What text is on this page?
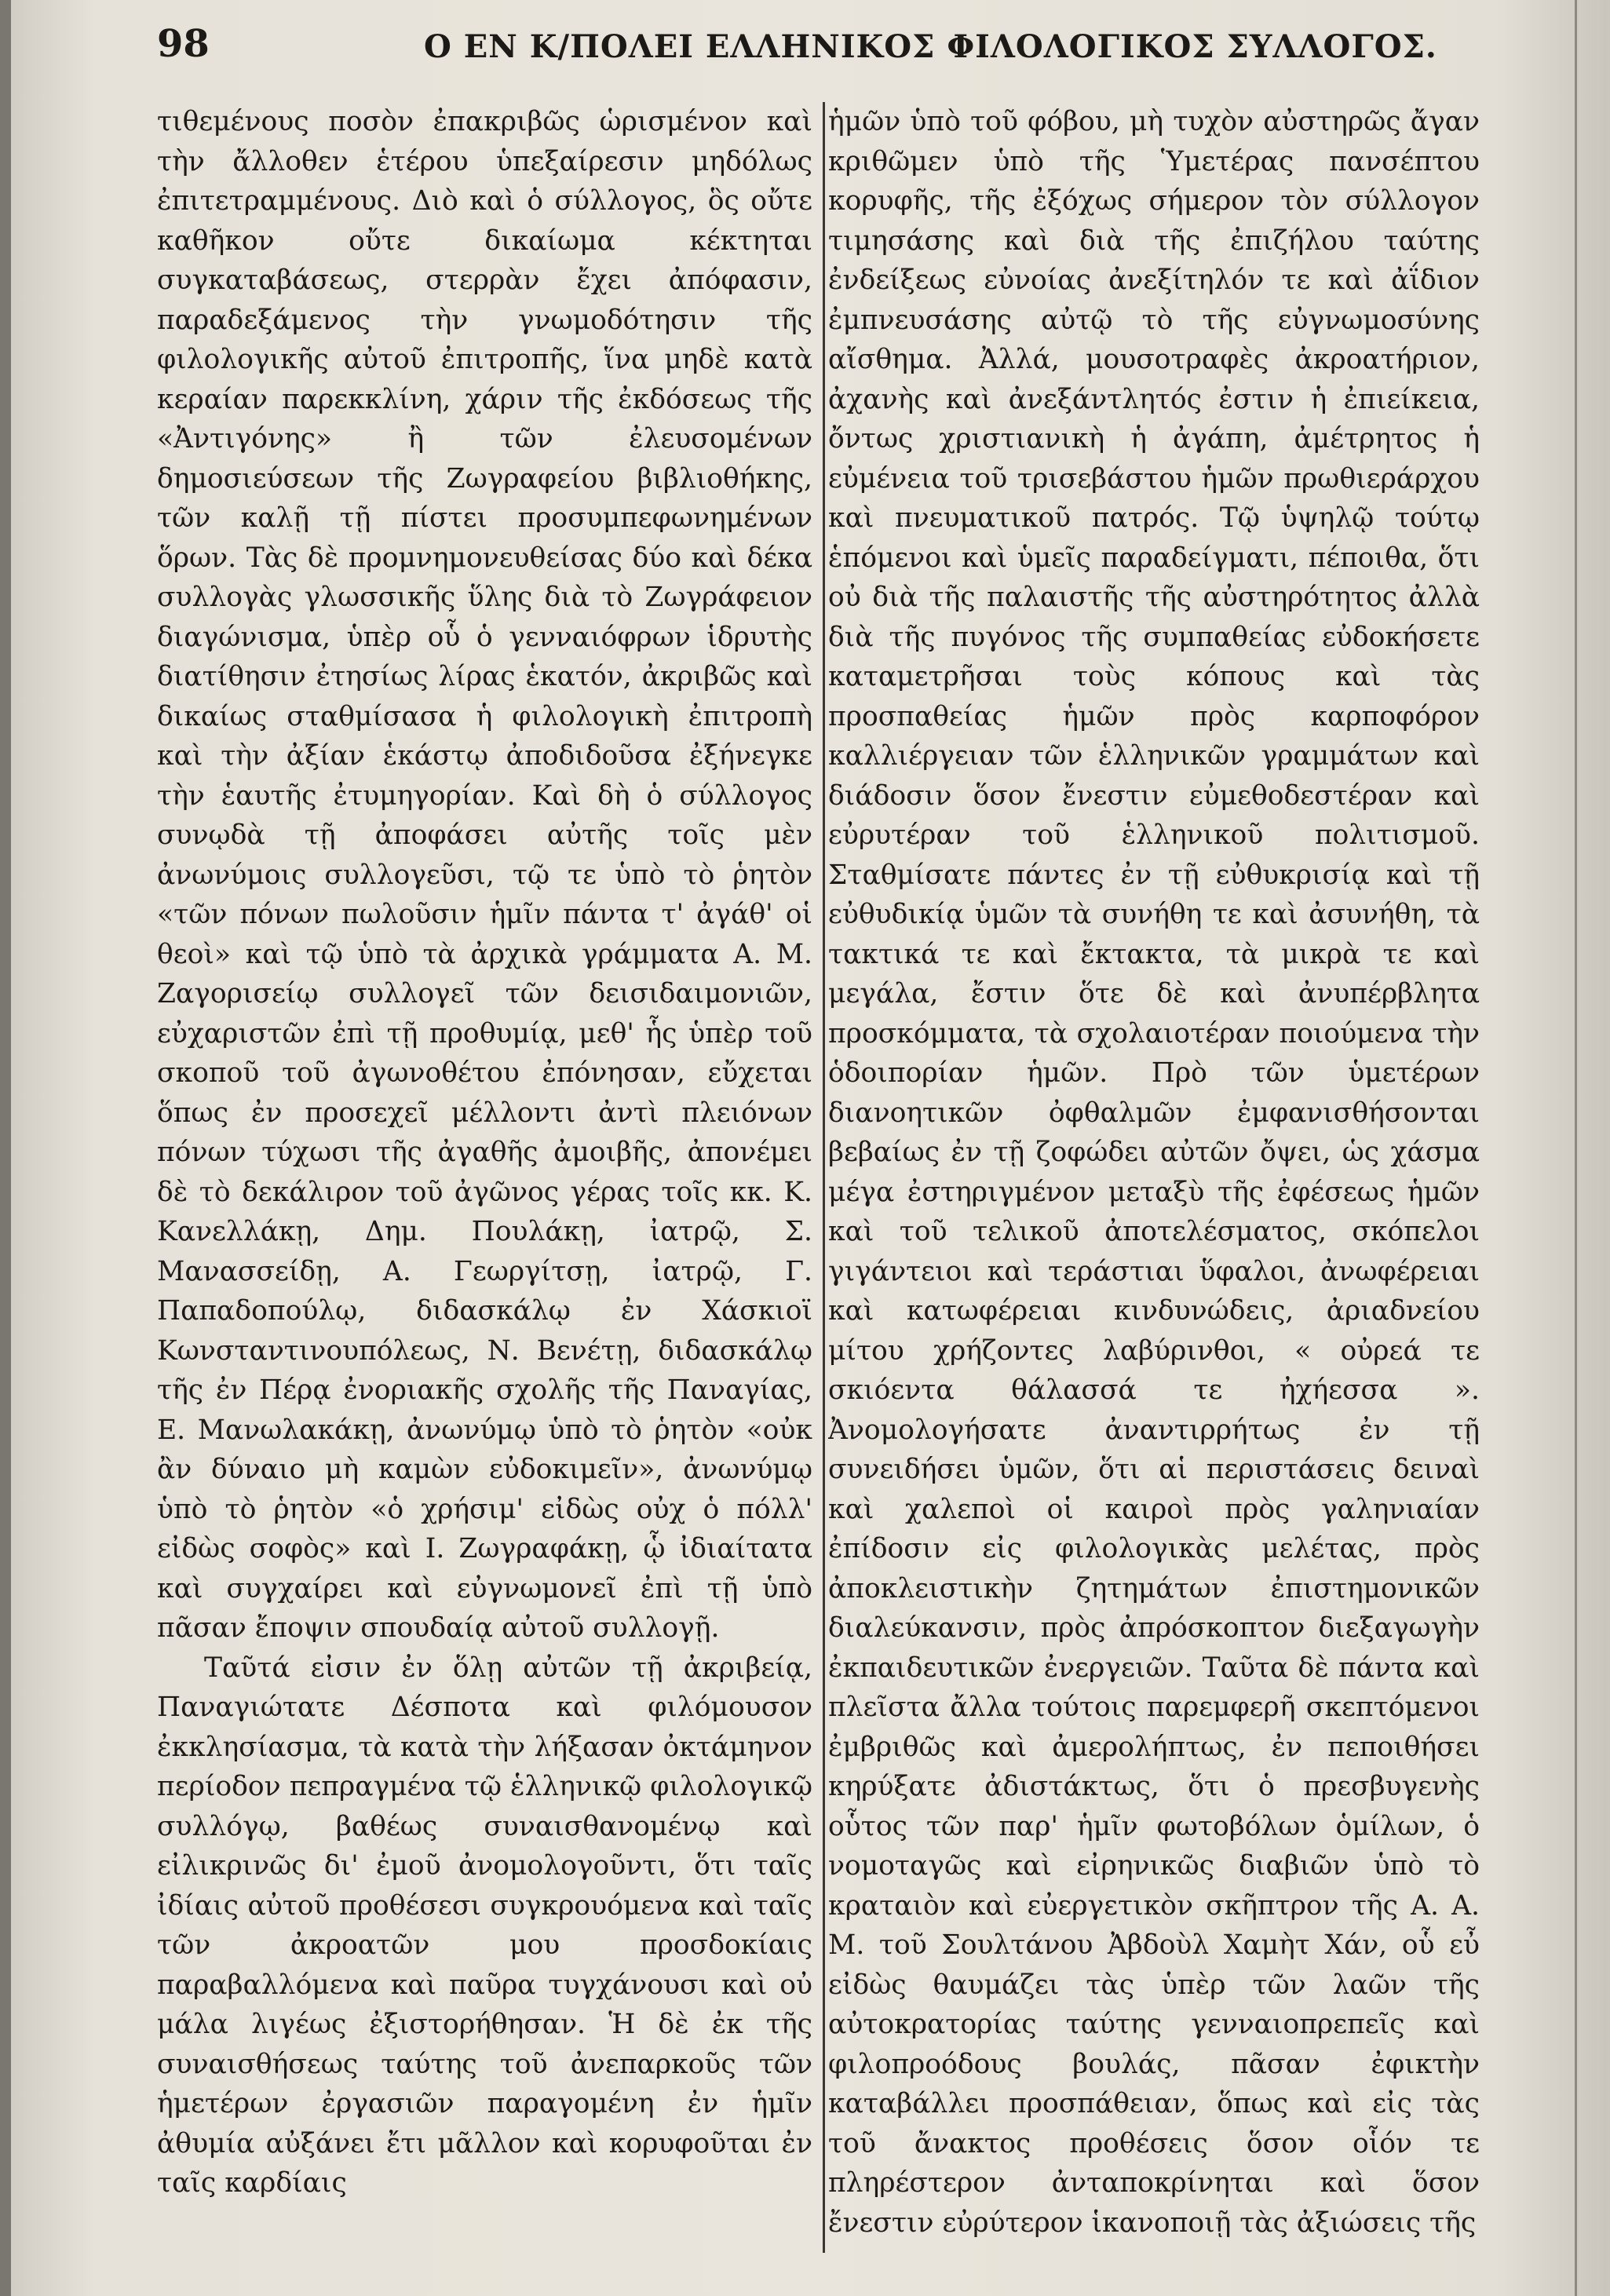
98	Ο ΕΝ Κ/ΠΟΛΕΙ ΕΛΛΗΝΙΚΟΣ ΦΙΛΟΛΟΓΙΚΟΣ ΣΥΛΛΟΓΟΣ.

τιθεμένους ποσὸν ἐπακριβῶς ὡρισμένον καὶ τὴν ἄλλοθεν ἑτέρου ὑπεξαίρεσιν μηδόλως ἐπιτετραμμένους. Διὸ καὶ ὁ σύλλογος, ὃς οὔτε καθῆκον οὔτε δικαίωμα κέκτηται συγκαταβάσεως, στερρὰν ἔχει ἀπόφασιν, παραδεξάμενος τὴν γνωμοδότησιν τῆς φιλολογικῆς αὐτοῦ ἐπιτροπῆς, ἵνα μηδὲ κατὰ κεραίαν παρεκκλίνη, χάριν τῆς ἐκδόσεως τῆς «Ἀντιγόνης» ἢ τῶν ἐλευσομένων δημοσιεύσεων τῆς Ζωγραφείου βιβλιοθήκης, τῶν καλῇ τῇ πίστει προσυμπεφωνημένων ὅρων. Τὰς δὲ προμνημονευθείσας δύο καὶ δέκα συλλογὰς γλωσσικῆς ὕλης διὰ τὸ Ζωγράφειον διαγώνισμα, ὑπὲρ οὗ ὁ γενναιόφρων ἱδρυτὴς διατίθησιν ἐτησίως λίρας ἑκατόν, ἀκριβῶς καὶ δικαίως σταθμίσασα ἡ φιλολογικὴ ἐπιτροπὴ καὶ τὴν ἀξίαν ἑκάστῳ ἀποδιδοῦσα ἐξήνεγκε τὴν ἑαυτῆς ἐτυμηγορίαν. Καὶ δὴ ὁ σύλλογος συνῳδὰ τῇ ἀποφάσει αὐτῆς τοῖς μὲν ἀνωνύμοις συλλογεῦσι, τῷ τε ὑπὸ τὸ ῥητὸν «τῶν πόνων πωλοῦσιν ἡμῖν πάντα τ' ἀγάθ' οἱ θεοὶ» καὶ τῷ ὑπὸ τὰ ἀρχικὰ γράμματα Α. Μ. Ζαγορισείῳ συλλογεῖ τῶν δεισιδαιμονιῶν, εὐχαριστῶν ἐπὶ τῇ προθυμίᾳ, μεθ' ἧς ὑπὲρ τοῦ σκοποῦ τοῦ ἀγωνοθέτου ἐπόνησαν, εὔχεται ὅπως ἐν προσεχεῖ μέλλοντι ἀντὶ πλειόνων πόνων τύχωσι τῆς ἀγαθῆς ἀμοιβῆς, ἀπονέμει δὲ τὸ δεκάλιρον τοῦ ἀγῶνος γέρας τοῖς κκ. Κ. Κανελλάκῃ, Δημ. Πουλάκῃ, ἰατρῷ, Σ. Μανασσείδῃ, Α. Γεωργίτσῃ, ἰατρῷ, Γ. Παπαδοπούλῳ, διδασκάλῳ ἐν Χάσκιοϊ Κωνσταντινουπόλεως, Ν. Βενέτῃ, διδασκάλῳ τῆς ἐν Πέρᾳ ἐνοριακῆς σχολῆς τῆς Παναγίας, Ε. Μανωλακάκῃ, ἀνωνύμῳ ὑπὸ τὸ ῥητὸν «οὐκ ἂν δύναιο μὴ καμὼν εὐδοκιμεῖν», ἀνωνύμῳ ὑπὸ τὸ ῥητὸν «ὁ χρήσιμ' εἰδὼς οὐχ ὁ πόλλ' εἰδὼς σοφὸς» καὶ Ι. Ζωγραφάκῃ, ᾧ ἰδιαίτατα καὶ συγχαίρει καὶ εὐγνωμονεῖ ἐπὶ τῇ ὑπὸ πᾶσαν ἔποψιν σπουδαίᾳ αὐτοῦ συλλογῇ.

Ταῦτά εἰσιν ἐν ὅλῃ αὐτῶν τῇ ἀκριβείᾳ, Παναγιώτατε Δέσποτα καὶ φιλόμουσον ἐκκλησίασμα, τὰ κατὰ τὴν λήξασαν ὀκτάμηνον περίοδον πεπραγμένα τῷ ἑλληνικῷ φιλολογικῷ συλλόγῳ, βαθέως συναισθανομένῳ καὶ εἰλικρινῶς δι' ἐμοῦ ἀνομολογοῦντι, ὅτι ταῖς ἰδίαις αὐτοῦ προθέσεσι συγκρουόμενα καὶ ταῖς τῶν ἀκροατῶν μου προσδοκίαις παραβαλλόμενα καὶ παῦρα τυγχάνουσι καὶ οὐ μάλα λιγέως ἐξιστορήθησαν. Ἡ δὲ ἐκ τῆς συναισθήσεως ταύτης τοῦ ἀνεπαρκοῦς τῶν ἡμετέρων ἐργασιῶν παραγομένη ἐν ἡμῖν ἀθυμία αὐξάνει ἔτι μᾶλλον καὶ κορυφοῦται ἐν ταῖς καρδίαις

ἡμῶν ὑπὸ τοῦ φόβου, μὴ τυχὸν αὐστηρῶς ἄγαν κριθῶμεν ὑπὸ τῆς Ὑμετέρας πανσέπτου κορυφῆς, τῆς ἐξόχως σήμερον τὸν σύλλογον τιμησάσης καὶ διὰ τῆς ἐπιζήλου ταύτης ἐνδείξεως εὐνοίας ἀνεξίτηλόν τε καὶ ἀΐδιον ἐμπνευσάσης αὐτῷ τὸ τῆς εὐγνωμοσύνης αἴσθημα. Ἀλλά, μουσοτραφὲς ἀκροατήριον, ἀχανὴς καὶ ἀνεξάντλητός ἐστιν ἡ ἐπιείκεια, ὄντως χριστιανικὴ ἡ ἀγάπη, ἀμέτρητος ἡ εὐμένεια τοῦ τρισεβάστου ἡμῶν πρωθιεράρχου καὶ πνευματικοῦ πατρός. Τῷ ὑψηλῷ τούτῳ ἑπόμενοι καὶ ὑμεῖς παραδείγματι, πέποιθα, ὅτι οὐ διὰ τῆς παλαιστῆς τῆς αὐστηρότητος ἀλλὰ διὰ τῆς πυγόνος τῆς συμπαθείας εὐδοκήσετε καταμετρῆσαι τοὺς κόπους καὶ τὰς προσπαθείας ἡμῶν πρὸς καρποφόρον καλλιέργειαν τῶν ἑλληνικῶν γραμμάτων καὶ διάδοσιν ὅσον ἔνεστιν εὐμεθοδεστέραν καὶ εὐρυτέραν τοῦ ἑλληνικοῦ πολιτισμοῦ. Σταθμίσατε πάντες ἐν τῇ εὐθυκρισίᾳ καὶ τῇ εὐθυδικίᾳ ὑμῶν τὰ συνήθη τε καὶ ἀσυνήθη, τὰ τακτικά τε καὶ ἔκτακτα, τὰ μικρὰ τε καὶ μεγάλα, ἔστιν ὅτε δὲ καὶ ἀνυπέρβλητα προσκόμματα, τὰ σχολαιοτέραν ποιούμενα τὴν ὁδοιπορίαν ἡμῶν. Πρὸ τῶν ὑμετέρων διανοητικῶν ὀφθαλμῶν ἐμφανισθήσονται βεβαίως ἐν τῇ ζοφώδει αὐτῶν ὄψει, ὡς χάσμα μέγα ἐστηριγμένον μεταξὺ τῆς ἐφέσεως ἡμῶν καὶ τοῦ τελικοῦ ἀποτελέσματος, σκόπελοι γιγάντειοι καὶ τεράστιαι ὕφαλοι, ἀνωφέρειαι καὶ κατωφέρειαι κινδυνώδεις, ἀριαδνείου μίτου χρήζοντες λαβύρινθοι, « οὐρεά τε σκιόεντα θάλασσά τε ἠχήεσσα ». Ἀνομολογήσατε ἀναντιρρήτως ἐν τῇ συνειδήσει ὑμῶν, ὅτι αἱ περιστάσεις δειναὶ καὶ χαλεποὶ οἱ καιροὶ πρὸς γαληνιαίαν ἐπίδοσιν εἰς φιλολογικὰς μελέτας, πρὸς ἀποκλειστικὴν ζητημάτων ἐπιστημονικῶν διαλεύκανσιν, πρὸς ἀπρόσκοπτον διεξαγωγὴν ἐκπαιδευτικῶν ἐνεργειῶν. Ταῦτα δὲ πάντα καὶ πλεῖστα ἄλλα τούτοις παρεμφερῆ σκεπτόμενοι ἐμβριθῶς καὶ ἀμερολήπτως, ἐν πεποιθήσει κηρύξατε ἀδιστάκτως, ὅτι ὁ πρεσβυγενὴς οὗτος τῶν παρ' ἡμῖν φωτοβόλων ὁμίλων, ὁ νομοταγῶς καὶ εἰρηνικῶς διαβιῶν ὑπὸ τὸ κραταιὸν καὶ εὐεργετικὸν σκῆπτρον τῆς Α. Α. Μ. τοῦ Σουλτάνου Ἀβδοὺλ Χαμὴτ Χάν, οὗ εὖ εἰδὼς θαυμάζει τὰς ὑπὲρ τῶν λαῶν τῆς αὐτοκρατορίας ταύτης γενναιοπρεπεῖς καὶ φιλοπροόδους βουλάς, πᾶσαν ἐφικτὴν καταβάλλει προσπάθειαν, ὅπως καὶ εἰς τὰς τοῦ ἄνακτος προθέσεις ὅσον οἷόν τε πληρέστερον ἀνταποκρίνηται καὶ ὅσον ἔνεστιν εὐρύτερον ἱκανοποιῇ τὰς ἀξιώσεις τῆς
